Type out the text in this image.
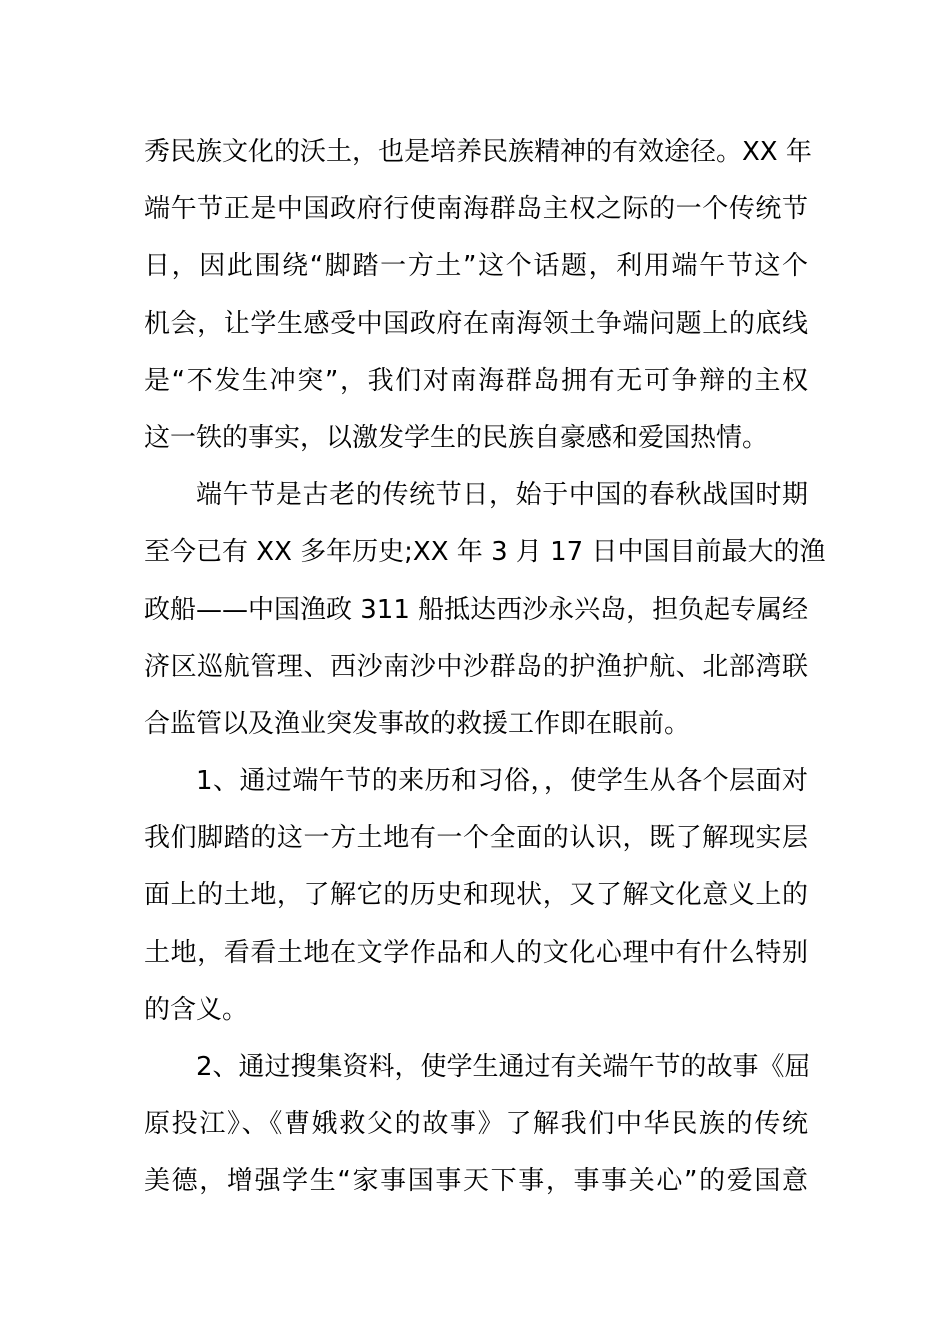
秀民族文化的沃土，也是培养民族精神的有效途径。XX 年
端午节正是中国政府行使南海群岛主权之际的一个传统节
日，因此围绕“脚踏一方土”这个话题，利用端午节这个
机会，让学生感受中国政府在南海领土争端问题上的底线
是“不发生冲突”，我们对南海群岛拥有无可争辩的主权
这一铁的事实，以激发学生的民族自豪感和爱国热情。
端午节是古老的传统节日，始于中国的春秋战国时期
至今已有 XX 多年历史;XX 年 3 月 17 日中国目前最大的渔
政船——中国渔政 311 船抵达西沙永兴岛，担负起专属经
济区巡航管理、西沙南沙中沙群岛的护渔护航、北部湾联
合监管以及渔业突发事故的救援工作即在眼前。
1、通过端午节的来历和习俗，，使学生从各个层面对
我们脚踏的这一方土地有一个全面的认识，既了解现实层
面上的土地，了解它的历史和现状，又了解文化意义上的
土地，看看土地在文学作品和人的文化心理中有什么特别
的含义。
2、通过搜集资料，使学生通过有关端午节的故事《屈
原投江》、《曹娥救父的故事》了解我们中华民族的传统
美德，增强学生“家事国事天下事，事事关心”的爱国意
